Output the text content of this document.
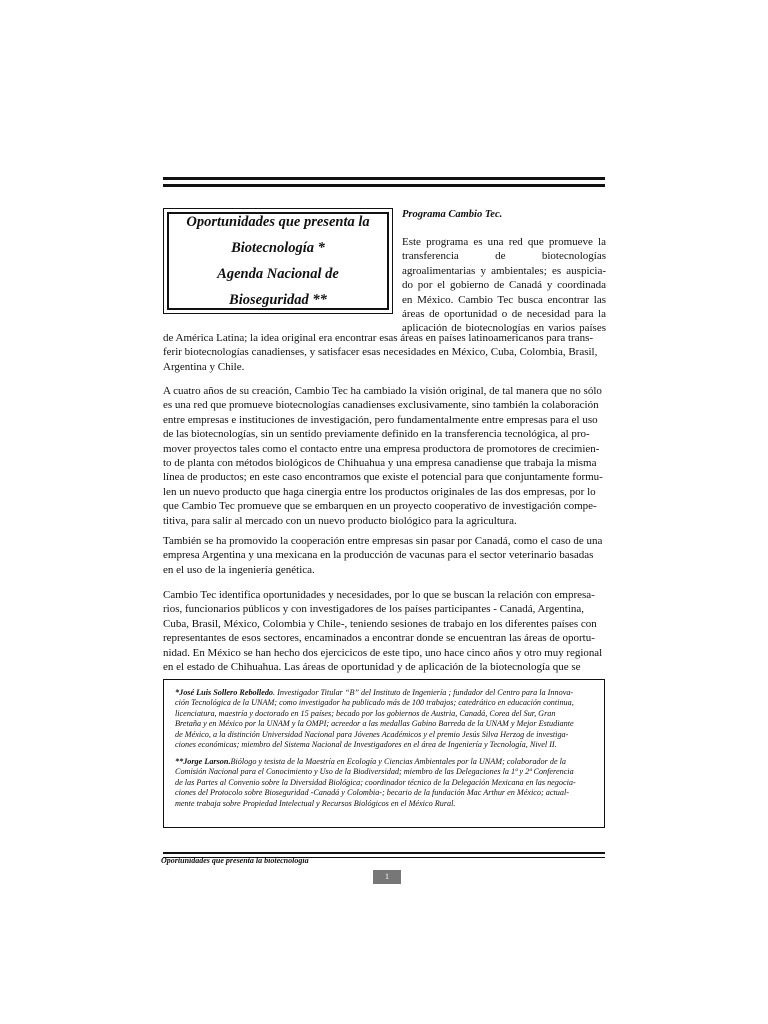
Oportunidades que presenta la
Biotecnología *
Agenda Nacional de
Bioseguridad **
Programa Cambio Tec.
Este programa es una red que promueve la
transferencia de biotecnologías
agroalimentarias y ambientales; es auspicia-
do por el gobierno de Canadá y coordinada
en México. Cambio Tec busca encontrar las
áreas de oportunidad o de necesidad para la
aplicación de biotecnologías en varios países
de América Latina; la idea original era encontrar esas áreas en países latinoamericanos para trans-
ferir biotecnologías canadienses, y satisfacer esas necesidades en México, Cuba, Colombia, Brasil,
Argentina y Chile.
A cuatro años de su creación, Cambio Tec ha cambiado la visión original, de tal manera que no sólo
es una red que promueve biotecnologías canadienses exclusivamente, sino también la colaboración
entre empresas e instituciones de investigación, pero fundamentalmente entre empresas para el uso
de las biotecnologías, sin un sentido previamente definido en la transferencia tecnológica, al pro-
mover proyectos tales como el contacto entre una empresa productora de promotores de crecimien-
to de planta con métodos biológicos de Chihuahua y una empresa canadiense que trabaja la misma
línea de productos; en este caso encontramos que existe el potencial para que conjuntamente formu-
len un nuevo producto que haga cinergia entre los productos originales de las dos empresas, por lo
que Cambio Tec promueve que se embarquen en un proyecto cooperativo de investigación compe-
titiva, para salir al mercado con un nuevo producto biológico para la agricultura.
También se ha promovido la cooperación entre empresas sin pasar por Canadá, como el caso de una
empresa Argentina y una mexicana en la producción de vacunas para el sector veterinario basadas
en el uso de la ingeniería genética.
Cambio Tec identifica oportunidades y necesidades, por lo que se buscan la relación con empresa-
rios, funcionarios públicos y con investigadores de los países participantes - Canadá, Argentina,
Cuba, Brasil, México, Colombia y Chile-, teniendo sesiones de trabajo en los diferentes países con
representantes de esos sectores, encaminados a encontrar donde se encuentran las áreas de oportu-
nidad. En México se han hecho dos ejercicicos de este tipo, uno hace cinco años y otro muy regional
en el estado de Chihuahua. Las áreas de oportunidad y de aplicación de la biotecnología que se
*José Luis Sollero Rebolledo. Investigador Titular “B” del Instituto de Ingeniería ; fundador del Centro para la Innova-
ción Tecnológica de la UNAM; como investigador ha publicado más de 100 trabajos; catedrático en educación continua,
licenciatura, maestría y doctorado en 15 países; becado por los gobiernos de Austria, Canadá, Corea del Sur, Gran
Bretaña y en México por la UNAM y la OMPI; acreedor a las medallas Gabino Barreda de la UNAM y Mejor Estudiante
de México, a la distinción Universidad Nacional para Jóvenes Académicos y el premio Jesús Silva Herzog de investiga-
ciones económicas; miembro del Sistema Nacional de Investigadores en el área de Ingeniería y Tecnología, Nivel II.
**Jorge Larson.Biólogo y tesista de la Maestría en Ecología y Ciencias Ambientales por la UNAM; colaborador de la
Comisión Nacional para el Conocimiento y Uso de la Biodiversidad; miembro de las Delegaciones la 1ª y 2ª Conferencia
de las Partes al Convenio sobre la Diversidad Biológica; coordinador técnico de la Delegación Mexicana en las negocia-
ciones del Protocolo sobre Bioseguridad -Canadá y Colombia-; becario de la fundación Mac Arthur en México; actual-
mente trabaja sobre Propiedad Intelectual y Recursos Biológicos en el México Rural.
Oportunidades que presenta la biotecnología
1
